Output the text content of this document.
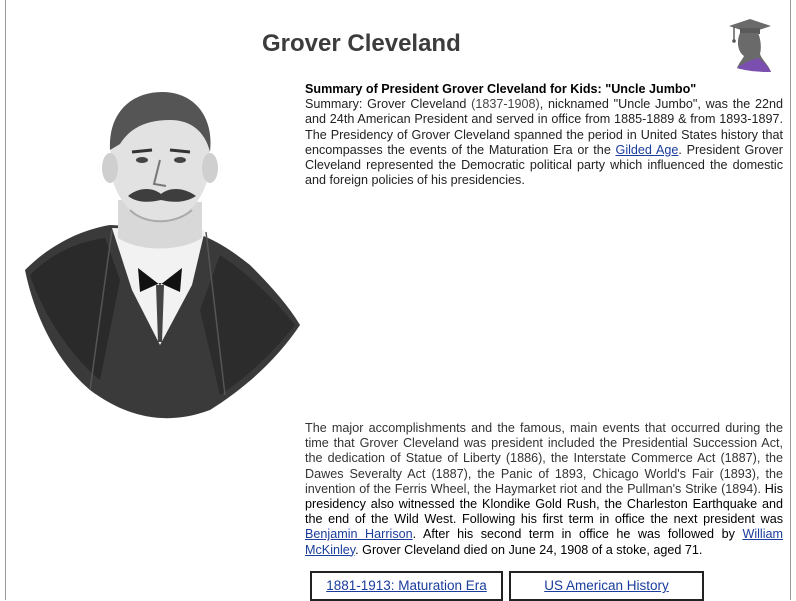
Grover Cleveland
Summary of President Grover Cleveland for Kids: "Uncle Jumbo"
Summary: Grover Cleveland (1837-1908), nicknamed "Uncle Jumbo", was the 22nd and 24th American President and served in office from 1885-1889 & from 1893-1897. The Presidency of Grover Cleveland spanned the period in United States history that encompasses the events of the Maturation Era or the Gilded Age. President Grover Cleveland represented the Democratic political party which influenced the domestic and foreign policies of his presidencies.
The major accomplishments and the famous, main events that occurred during the time that Grover Cleveland was president included the Presidential Succession Act, the dedication of Statue of Liberty (1886), the Interstate Commerce Act (1887), the Dawes Severalty Act (1887), the Panic of 1893, Chicago World's Fair (1893), the invention of the Ferris Wheel, the Haymarket riot and the Pullman's Strike (1894). His presidency also witnessed the Klondike Gold Rush, the Charleston Earthquake and the end of the Wild West. Following his first term in office the next president was Benjamin Harrison. After his second term in office he was followed by William McKinley. Grover Cleveland died on June 24, 1908 of a stoke, aged 71.
1881-1913: Maturation Era	US American History
